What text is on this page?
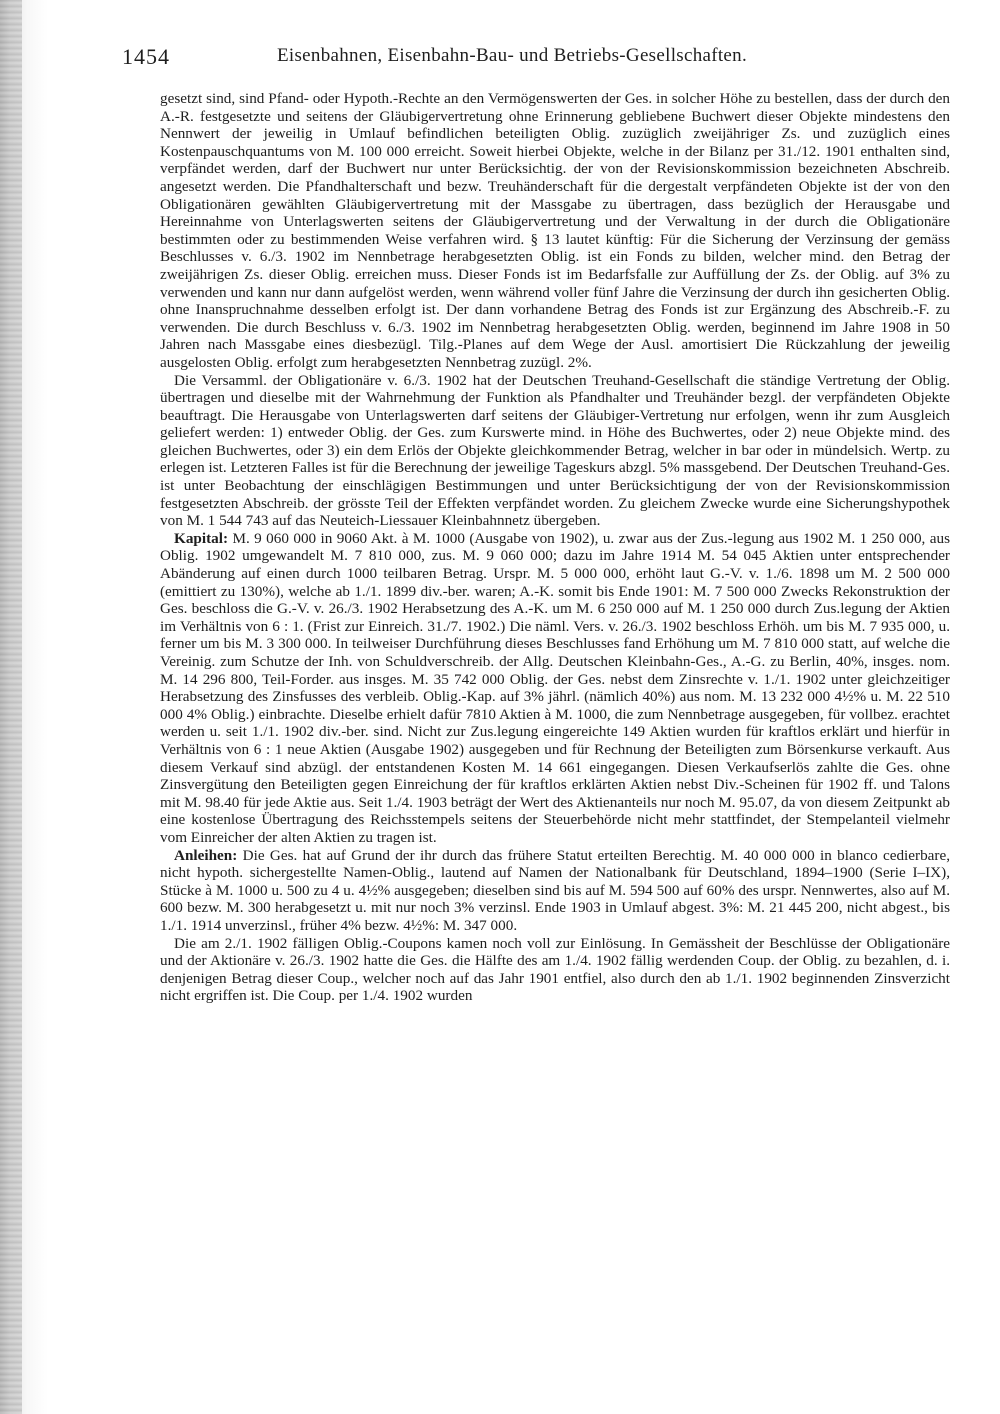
1454	Eisenbahnen, Eisenbahn-Bau- und Betriebs-Gesellschaften.

gesetzt sind, sind Pfand- oder Hypoth.-Rechte an den Vermögenswerten der Ges. in solcher Höhe zu bestellen, dass der durch den A.-R. festgesetzte und seitens der Gläubigervertretung ohne Erinnerung gebliebene Buchwert dieser Objekte mindestens den Nennwert der jeweilig in Umlauf befindlichen beteiligten Oblig. zuzüglich zweijähriger Zs. und zuzüglich eines Kostenpauschquantums von M. 100 000 erreicht. Soweit hierbei Objekte, welche in der Bilanz per 31./12. 1901 enthalten sind, verpfändet werden, darf der Buchwert nur unter Berücksichtig. der von der Revisionskommission bezeichneten Abschreib. angesetzt werden. Die Pfandhalterschaft und bezw. Treuhänderschaft für die dergestalt verpfändeten Objekte ist der von den Obligationären gewählten Gläubigervertretung mit der Massgabe zu übertragen, dass bezüglich der Herausgabe und Hereinnahme von Unterlagswerten seitens der Gläubigervertretung und der Verwaltung in der durch die Obligationäre bestimmten oder zu bestimmenden Weise verfahren wird. § 13 lautet künftig: Für die Sicherung der Verzinsung der gemäss Beschlusses v. 6./3. 1902 im Nennbetrage herabgesetzten Oblig. ist ein Fonds zu bilden, welcher mind. den Betrag der zweijährigen Zs. dieser Oblig. erreichen muss. Dieser Fonds ist im Bedarfsfalle zur Auffüllung der Zs. der Oblig. auf 3% zu verwenden und kann nur dann aufgelöst werden, wenn während voller fünf Jahre die Verzinsung der durch ihn gesicherten Oblig. ohne Inanspruchnahme desselben erfolgt ist. Der dann vorhandene Betrag des Fonds ist zur Ergänzung des Abschreib.-F. zu verwenden. Die durch Beschluss v. 6./3. 1902 im Nennbetrag herabgesetzten Oblig. werden, beginnend im Jahre 1908 in 50 Jahren nach Massgabe eines diesbezügl. Tilg.-Planes auf dem Wege der Ausl. amortisiert Die Rückzahlung der jeweilig ausgelosten Oblig. erfolgt zum herabgesetzten Nennbetrag zuzügl. 2%.

Die Versamml. der Obligationäre v. 6./3. 1902 hat der Deutschen Treuhand-Gesellschaft die ständige Vertretung der Oblig. übertragen und dieselbe mit der Wahrnehmung der Funktion als Pfandhalter und Treuhänder bezgl. der verpfändeten Objekte beauftragt. Die Herausgabe von Unterlagswerten darf seitens der Gläubiger-Vertretung nur erfolgen, wenn ihr zum Ausgleich geliefert werden: 1) entweder Oblig. der Ges. zum Kurswerte mind. in Höhe des Buchwertes, oder 2) neue Objekte mind. des gleichen Buchwertes, oder 3) ein dem Erlös der Objekte gleichkommender Betrag, welcher in bar oder in mündelsich. Wertp. zu erlegen ist. Letzteren Falles ist für die Berechnung der jeweilige Tageskurs abzgl. 5% massgebend. Der Deutschen Treuhand-Ges. ist unter Beobachtung der einschlägigen Bestimmungen und unter Berücksichtigung der von der Revisionskommission festgesetzten Abschreib. der grösste Teil der Effekten verpfändet worden. Zu gleichem Zwecke wurde eine Sicherungshypothek von M. 1 544 743 auf das Neuteich-Liessauer Kleinbahnnetz übergeben.

Kapital: M. 9 060 000 in 9060 Akt. à M. 1000 (Ausgabe von 1902), u. zwar aus der Zus.-legung aus 1902 M. 1 250 000, aus Oblig. 1902 umgewandelt M. 7 810 000, zus. M. 9 060 000; dazu im Jahre 1914 M. 54 045 Aktien unter entsprechender Abänderung auf einen durch 1000 teilbaren Betrag. Urspr. M. 5 000 000, erhöht laut G.-V. v. 1./6. 1898 um M. 2 500 000 (emittiert zu 130%), welche ab 1./1. 1899 div.-ber. waren; A.-K. somit bis Ende 1901: M. 7 500 000 Zwecks Rekonstruktion der Ges. beschloss die G.-V. v. 26./3. 1902 Herabsetzung des A.-K. um M. 6 250 000 auf M. 1 250 000 durch Zus.legung der Aktien im Verhältnis von 6 : 1. (Frist zur Einreich. 31./7. 1902.) Die näml. Vers. v. 26./3. 1902 beschloss Erhöh. um bis M. 7 935 000, u. ferner um bis M. 3 300 000. In teilweiser Durchführung dieses Beschlusses fand Erhöhung um M. 7 810 000 statt, auf welche die Vereinig. zum Schutze der Inh. von Schuldverschreib. der Allg. Deutschen Kleinbahn-Ges., A.-G. zu Berlin, 40%, insges. nom. M. 14 296 800, Teil-Forder. aus insges. M. 35 742 000 Oblig. der Ges. nebst dem Zinsrechte v. 1./1. 1902 unter gleichzeitiger Herabsetzung des Zinsfusses des verbleib. Oblig.-Kap. auf 3% jährl. (nämlich 40%) aus nom. M. 13 232 000 4½% u. M. 22 510 000 4% Oblig.) einbrachte. Dieselbe erhielt dafür 7810 Aktien à M. 1000, die zum Nennbetrage ausgegeben, für vollbez. erachtet werden u. seit 1./1. 1902 div.-ber. sind. Nicht zur Zus.legung eingereichte 149 Aktien wurden für kraftlos erklärt und hierfür in Verhältnis von 6 : 1 neue Aktien (Ausgabe 1902) ausgegeben und für Rechnung der Beteiligten zum Börsenkurse verkauft. Aus diesem Verkauf sind abzügl. der entstandenen Kosten M. 14 661 eingegangen. Diesen Verkaufserlös zahlte die Ges. ohne Zinsvergütung den Beteiligten gegen Einreichung der für kraftlos erklärten Aktien nebst Div.-Scheinen für 1902 ff. und Talons mit M. 98.40 für jede Aktie aus. Seit 1./4. 1903 beträgt der Wert des Aktienanteils nur noch M. 95.07, da von diesem Zeitpunkt ab eine kostenlose Übertragung des Reichsstempels seitens der Steuerbehörde nicht mehr stattfindet, der Stempelanteil vielmehr vom Einreicher der alten Aktien zu tragen ist.

Anleihen: Die Ges. hat auf Grund der ihr durch das frühere Statut erteilten Berechtig. M. 40 000 000 in blanco cedierbare, nicht hypoth. sichergestellte Namen-Oblig., lautend auf Namen der Nationalbank für Deutschland, 1894–1900 (Serie I–IX), Stücke à M. 1000 u. 500 zu 4 u. 4½% ausgegeben; dieselben sind bis auf M. 594 500 auf 60% des urspr. Nennwertes, also auf M. 600 bezw. M. 300 herabgesetzt u. mit nur noch 3% verzinsl. Ende 1903 in Umlauf abgest. 3%: M. 21 445 200, nicht abgest., bis 1./1. 1914 unverzinsl., früher 4% bezw. 4½%: M. 347 000.

Die am 2./1. 1902 fälligen Oblig.-Coupons kamen noch voll zur Einlösung. In Gemässheit der Beschlüsse der Obligationäre und der Aktionäre v. 26./3. 1902 hatte die Ges. die Hälfte des am 1./4. 1902 fällig werdenden Coup. der Oblig. zu bezahlen, d. i. denjenigen Betrag dieser Coup., welcher noch auf das Jahr 1901 entfiel, also durch den ab 1./1. 1902 beginnenden Zinsverzicht nicht ergriffen ist. Die Coup. per 1./4. 1902 wurden
